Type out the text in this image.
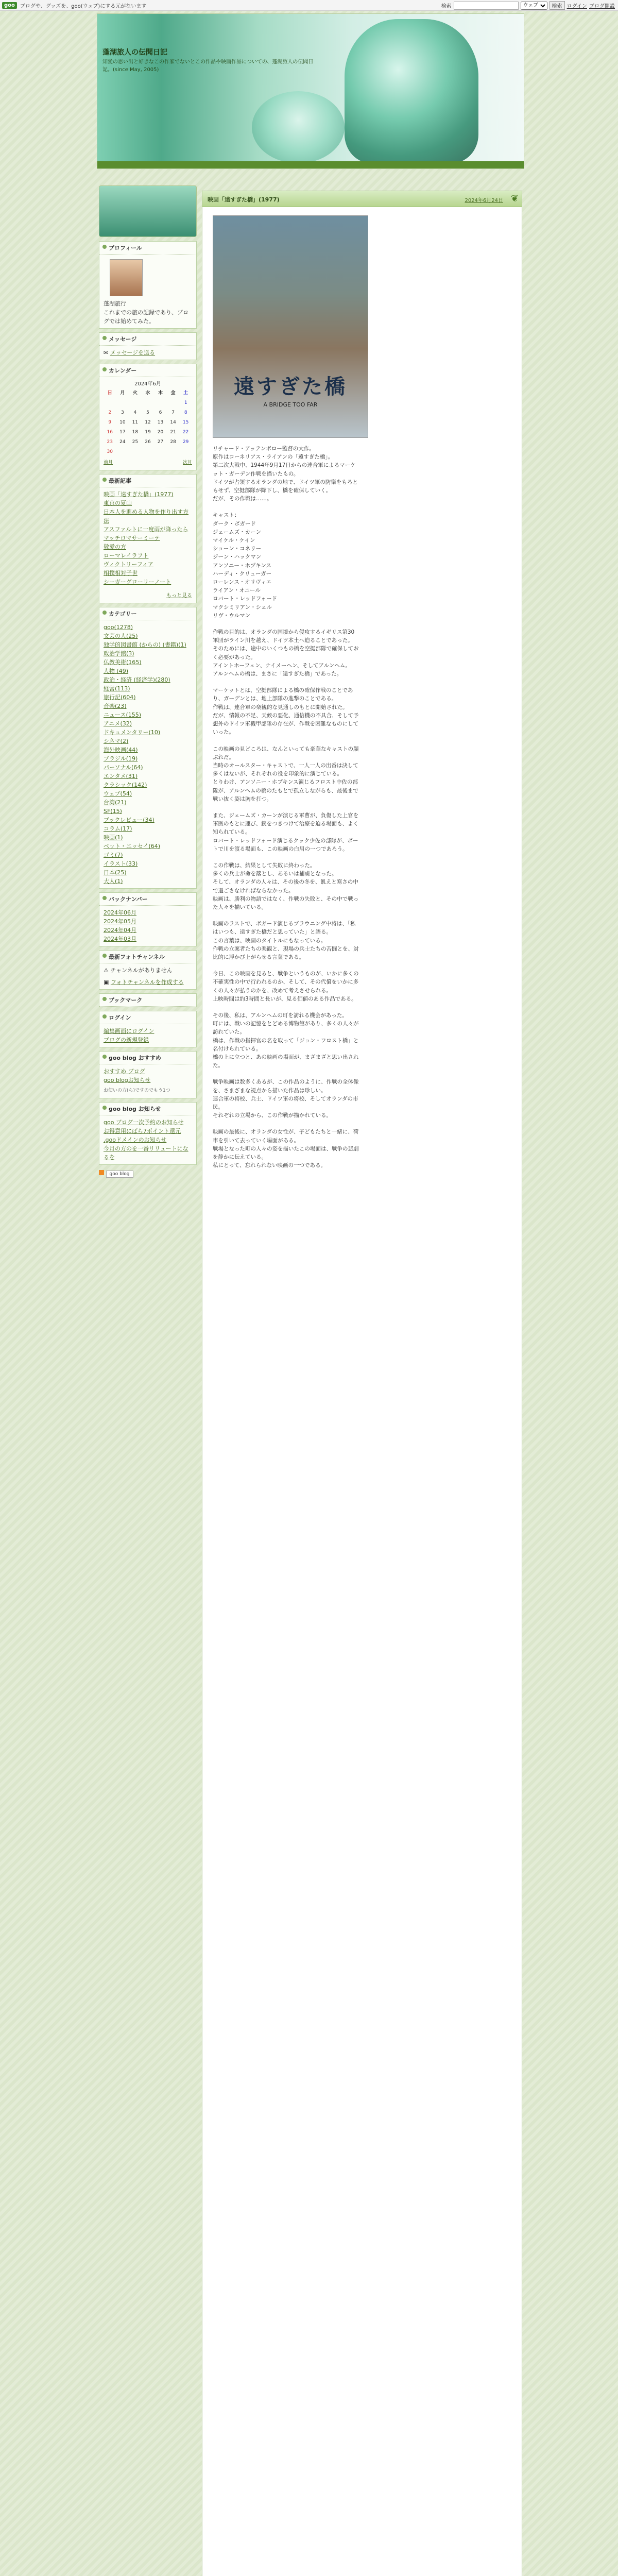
goo	ブログや、グッズを、goo(ウェブ)にする元がないます	検索
ウェブ	検索 ログイン ブログ開設
蓬湖旅人の伝聞日記
知愛の思い出と好きなこの作家でないとこの作品や映画作品についての、蓬湖旅人の伝聞日記。(since May, 2005)
プロフィール
蓬湖旅行
これまでの旅の記録であり、ブログでは始めてみた。
メッセージ
✉ メッセージを送る
カレンダー
2024年6月
日	月	火	水	木	金	土
						1
2	3	4	5	6	7	8
9	10	11	12	13	14	15
16	17	18	19	20	21	22
23	24	25	26	27	28	29
30						
前月	次月
最新記事
映画「遠すぎた橋」(1977)
東京の夏山
日本人を進める人物を作り出す方法
アスファルトに一度雨が降ったら
マッチロマサーミーテ
敬愛の方
ローマレイラフト
ヴィクトリーフィア
相撲相対子世
シーガーグローリーノート
もっと見る
カテゴリー
goo(1278)
文芸の人(25)
独学的図書館 (からの) (書籍)(1)
政治学館(3)
仏教美術(165)
人物 (49)
政治・経済 (経済学)(280)
経営(113)
旅行記(604)
音楽(23)
ニュース(155)
アニメ(32)
ドキュメンタリー(10)
シネマ(2)
海外映画(44)
ブラジル(19)
パーソナル(64)
エンタメ(31)
クラシック(142)
ウェブ(54)
台湾(21)
SF(15)
ブックレビュー(34)
コラム(17)
映画(1)
ペット・エッセイ(64)
ゴミ(7)
イラスト(33)
日本(25)
大人(1)
バックナンバー
2024年06月
2024年05月
2024年04月
2024年03月
最新フォトチャンネル
⚠ チャンネルがありません
▣ フォトチャンネルを作成する
ブックマーク
ログイン
編集画面にログイン
ブログの新規登録
goo blog おすすめ
おすすめ ブログ
goo blogお知らせ
お使いの方(ら)ですのでもう1つ
goo blog お知らせ
goo ブログ一次予約のお知らせ
お得意用にばら7ポイント還元
.gooドメインのお知らせ
今月の方のを一番リリュートになるを
goo blog
映画「遠すぎた橋」(1977)	2024年6月24日 ❦
遠すぎた橋
A BRIDGE TOO FAR

リチャード・アッテンボロー監督の大作。
原作はコーネリアス・ライアンの「遠すぎた橋」。
第二次大戦中、1944年9月17日からの連合軍によるマーケット・ガーデン作戦を描いたもの。
ドイツが占領するオランダの地で、ドイツ軍の防衛をもろともせず、空挺部隊が降下し、橋を確保していく。
だが、その作戦は……。

キャスト：
ダーク・ボガード
ジェームズ・カーン
マイケル・ケイン
ショーン・コネリー
ジーン・ハックマン
アンソニー・ホプキンス
ハーディ・クリューガー
ローレンス・オリヴィエ
ライアン・オニール
ロバート・レッドフォード
マクシミリアン・シェル
リヴ・ウルマン

作戦の目的は、オランダの国境から侵攻するイギリス第30軍団がライン川を越え、ドイツ本土へ迫ることであった。
そのためには、途中のいくつもの橋を空挺部隊で確保しておく必要があった。
アイントホーフェン、ナイメーヘン、そしてアルンヘム。
アルンヘムの橋は、まさに「遠すぎた橋」であった。

マーケットとは、空挺部隊による橋の確保作戦のことであり、ガーデンとは、地上部隊の進撃のことである。
作戦は、連合軍の楽観的な見通しのもとに開始された。
だが、情報の不足、天候の悪化、通信機の不具合、そして予想外のドイツ軍機甲部隊の存在が、作戦を困難なものにしていった。

この映画の見どころは、なんといっても豪華なキャストの顔ぶれだ。
当時のオールスター・キャストで、一人一人の出番は決して多くはないが、それぞれの役を印象的に演じている。
とりわけ、アンソニー・ホプキンス演じるフロスト中佐の部隊が、アルンヘムの橋のたもとで孤立しながらも、最後まで戦い抜く姿は胸を打つ。

また、ジェームズ・カーンが演じる軍曹が、負傷した上官を軍医のもとに運び、銃をつきつけて治療を迫る場面も、よく知られている。
ロバート・レッドフォード演じるクック少佐の部隊が、ボートで川を渡る場面も、この映画の白眉の一つであろう。

この作戦は、結果として失敗に終わった。
多くの兵士が命を落とし、あるいは捕虜となった。
そして、オランダの人々は、その後の冬を、飢えと寒さの中で過ごさなければならなかった。
映画は、勝利の物語ではなく、作戦の失敗と、その中で戦った人々を描いている。

映画のラストで、ボガード演じるブラウニング中将は、「私はいつも、遠すぎた橋だと思っていた」と語る。
この言葉は、映画のタイトルにもなっている。
作戦の立案者たちの楽観と、現場の兵士たちの苦闘とを、対比的に浮かび上がらせる言葉である。

今日、この映画を見ると、戦争というものが、いかに多くの不確実性の中で行われるのか、そして、その代償をいかに多くの人々が払うのかを、改めて考えさせられる。
上映時間は約3時間と長いが、見る価値のある作品である。

その後、私は、アルンヘムの町を訪れる機会があった。
町には、戦いの記憶をとどめる博物館があり、多くの人々が訪れていた。
橋は、作戦の指揮官の名を取って「ジョン・フロスト橋」と名付けられている。
橋の上に立つと、あの映画の場面が、まざまざと思い出された。

戦争映画は数多くあるが、この作品のように、作戦の全体像を、さまざまな視点から描いた作品は珍しい。
連合軍の将校、兵士、ドイツ軍の将校、そしてオランダの市民。
それぞれの立場から、この作戦が描かれている。

映画の最後に、オランダの女性が、子どもたちと一緒に、荷車を引いて去っていく場面がある。
戦場となった町の人々の姿を描いたこの場面は、戦争の悲劇を静かに伝えている。
私にとって、忘れられない映画の一つである。
